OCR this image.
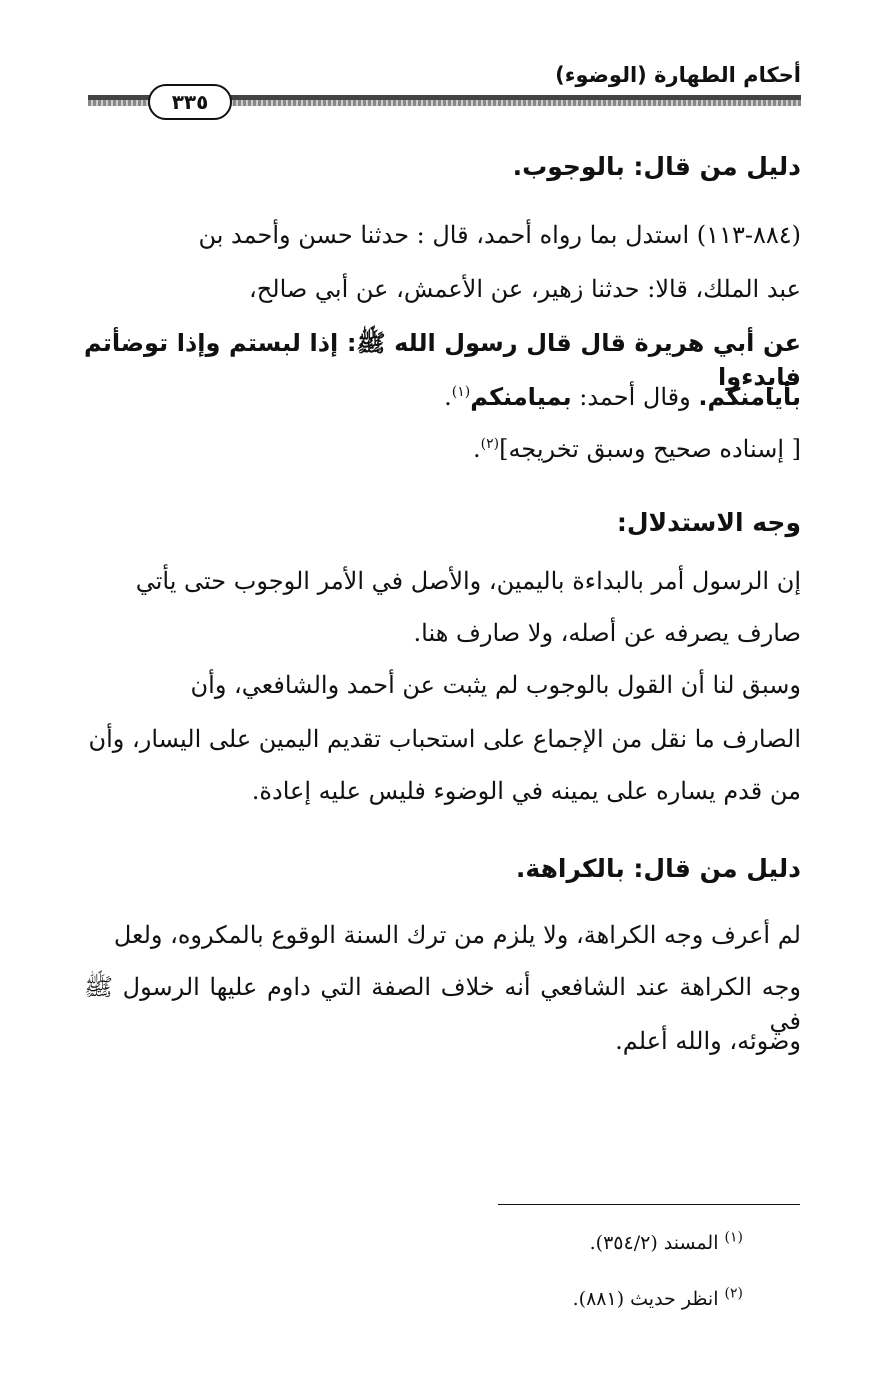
أحكام الطهارة (الوضوء)
٣٣٥

دليل من قال: بالوجوب.

(٨٨٤-١١٣) استدل بما رواه أحمد، قال : حدثنا حسن وأحمد بن

عبد الملك، قالا: حدثنا زهير، عن الأعمش، عن أبي صالح،

عن أبي هريرة قال قال رسول الله ﷺ: إذا لبستم وإذا توضأتم فابدءوا

بأيامنكم. وقال أحمد: بميامنكم$^{(١)}$.

[ إسناده صحيح وسبق تخريجه]$^{(٢)}$.

وجه الاستدلال:

إن الرسول أمر بالبداءة باليمين، والأصل في الأمر الوجوب حتى يأتي

صارف يصرفه عن أصله، ولا صارف هنا.

وسبق لنا أن القول بالوجوب لم يثبت عن أحمد والشافعي، وأن

الصارف ما نقل من الإجماع على استحباب تقديم اليمين على اليسار، وأن

من قدم يساره على يمينه في الوضوء فليس عليه إعادة.

دليل من قال: بالكراهة.

لم أعرف وجه الكراهة، ولا يلزم من ترك السنة الوقوع بالمكروه، ولعل

وجه الكراهة عند الشافعي أنه خلاف الصفة التي داوم عليها الرسول ﷺ في

وضوئه، والله أعلم.

$^{(١)}$ المسند (٣٥٤/٢).
$^{(٢)}$ انظر حديث (٨٨١).
